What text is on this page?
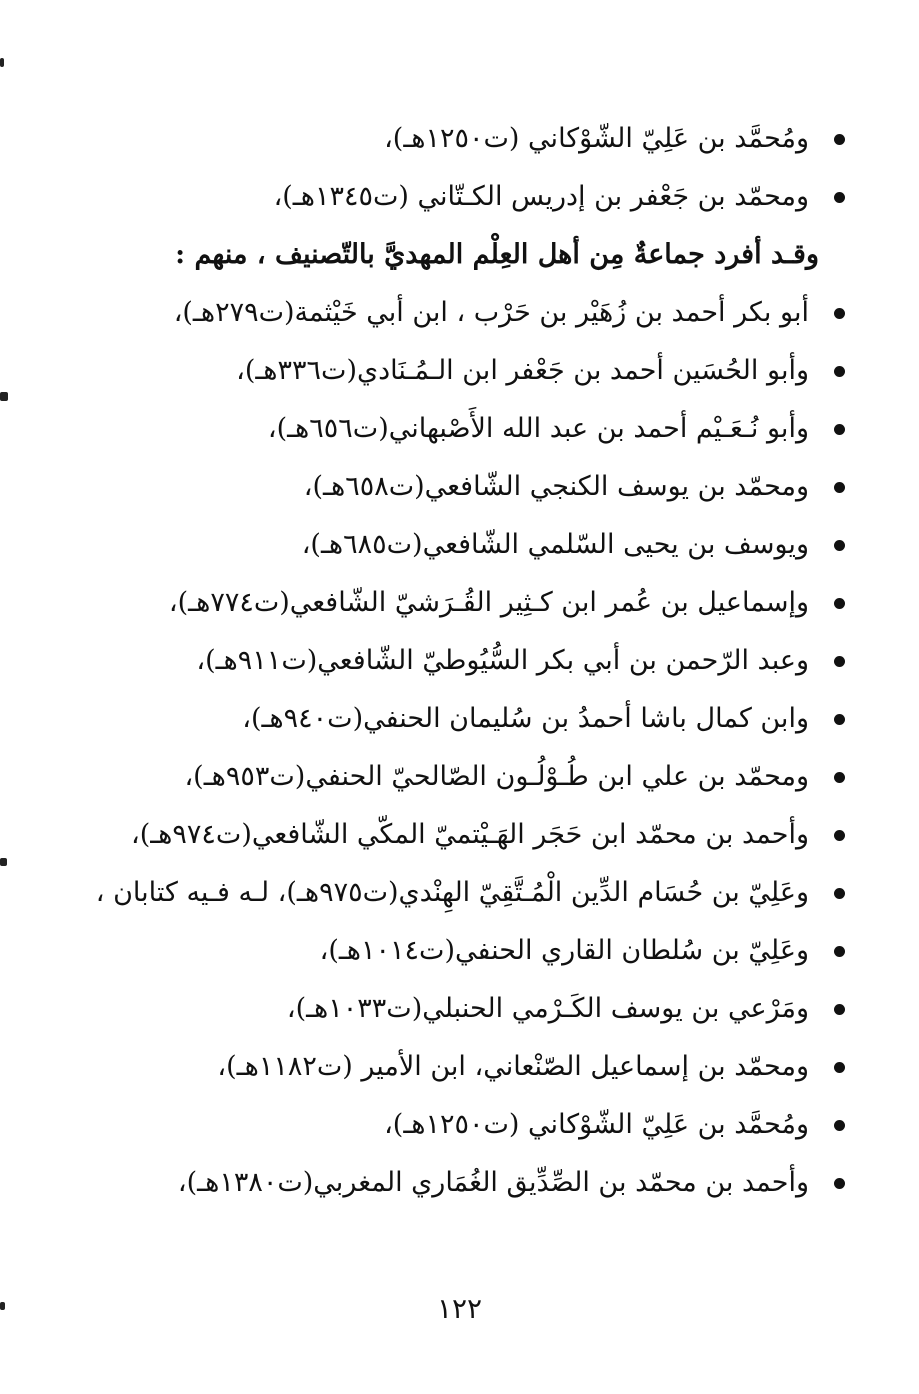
ومُحمَّد بن عَلِيّ الشّوْكاني (ت١٢٥٠هـ)،
ومحمّد بن جَعْفر بن إدريس الكـتّاني (ت١٣٤٥هـ)،
وقـد أفرد جماعةٌ مِن أهل العِلْم المهديَّ بالتّصنيف ، منهم :
أبو بكر أحمد بن زُهَيْر بن حَرْب ، ابن أبي خَيْثمة(ت٢٧٩هـ)،
وأبو الحُسَين أحمد بن جَعْفر ابن الـمُـنَادي(ت٣٣٦هـ)،
وأبو نُـعَـيْم أحمد بن عبد الله الأَصْبهاني(ت٦٥٦هـ)،
ومحمّد بن يوسف الكنجي الشّافعي(ت٦٥٨هـ)،
ويوسف بن يحيى السّلمي الشّافعي(ت٦٨٥هـ)،
وإسماعيل بن عُمر ابن كـثِير القُـرَشيّ الشّافعي(ت٧٧٤هـ)،
وعبد الرّحمن بن أبي بكر السُّيُوطيّ الشّافعي(ت٩١١هـ)،
وابن كمال باشا أحمدُ بن سُليمان الحنفي(ت٩٤٠هـ)،
ومحمّد بن علي ابن طُـوْلُـون الصّالحيّ الحنفي(ت٩٥٣هـ)،
وأحمد بن محمّد ابن حَجَر الهَـيْتميّ المكّي الشّافعي(ت٩٧٤هـ)،
وعَلِيّ بن حُسَام الدِّين الْمُـتَّقِيّ الهِنْدي(ت٩٧٥هـ)، لـه فـيه كتابان ،
وعَلِيّ بن سُلطان القاري الحنفي(ت١٠١٤هـ)،
ومَرْعي بن يوسف الكَـرْمي الحنبلي(ت١٠٣٣هـ)،
ومحمّد بن إسماعيل الصّنْعاني، ابن الأمير (ت١١٨٢هـ)،
ومُحمَّد بن عَلِيّ الشّوْكاني (ت١٢٥٠هـ)،
وأحمد بن محمّد بن الصِّدِّيق الغُمَاري المغربي(ت١٣٨٠هـ)،
١٢٢
